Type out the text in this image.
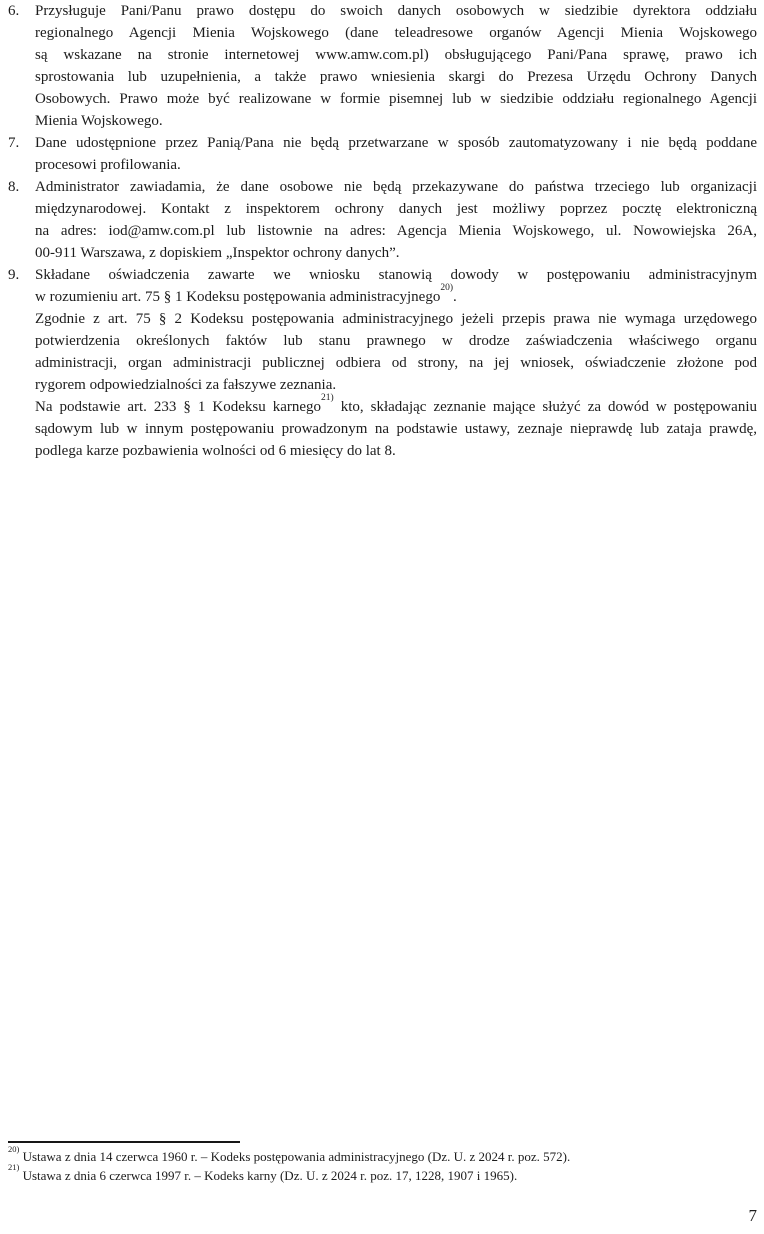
6.	Przysługuje Pani/Panu prawo dostępu do swoich danych osobowych w siedzibie dyrektora oddziału
regionalnego Agencji Mienia Wojskowego (dane teleadresowe organów Agencji Mienia Wojskowego
są wskazane na stronie internetowej www.amw.com.pl) obsługującego Pani/Pana sprawę, prawo ich
sprostowania lub uzupełnienia, a także prawo wniesienia skargi do Prezesa Urzędu Ochrony Danych
Osobowych. Prawo może być realizowane w formie pisemnej lub w siedzibie oddziału regionalnego Agencji
Mienia Wojskowego.
7.	Dane udostępnione przez Panią/Pana nie będą przetwarzane w sposób zautomatyzowany i nie będą poddane
procesowi profilowania.
8.	Administrator zawiadamia, że dane osobowe nie będą przekazywane do państwa trzeciego lub organizacji
międzynarodowej. Kontakt z inspektorem ochrony danych jest możliwy poprzez pocztę elektroniczną
na adres: iod@amw.com.pl lub listownie na adres: Agencja Mienia Wojskowego, ul. Nowowiejska 26A,
00-911 Warszawa, z dopiskiem „Inspektor ochrony danych”.
9.	Składane oświadczenia zawarte we wniosku stanowią dowody w postępowaniu administracyjnym
w rozumieniu art. 75 § 1 Kodeksu postępowania administracyjnego$^{20)}$.
Zgodnie z art. 75 § 2 Kodeksu postępowania administracyjnego jeżeli przepis prawa nie wymaga urzędowego
potwierdzenia określonych faktów lub stanu prawnego w drodze zaświadczenia właściwego organu
administracji, organ administracji publicznej odbiera od strony, na jej wniosek, oświadczenie złożone pod
rygorem odpowiedzialności za fałszywe zeznania.
Na podstawie art. 233 § 1 Kodeksu karnego$^{21)}$ kto, składając zeznanie mające służyć za dowód w postępowaniu
sądowym lub w innym postępowaniu prowadzonym na podstawie ustawy, zeznaje nieprawdę lub zataja prawdę,
podlega karze pozbawienia wolności od 6 miesięcy do lat 8.
$^{20)}$ Ustawa z dnia 14 czerwca 1960 r. – Kodeks postępowania administracyjnego (Dz. U. z 2024 r. poz. 572).
$^{21)}$ Ustawa z dnia 6 czerwca 1997 r. – Kodeks karny (Dz. U. z 2024 r. poz. 17, 1228, 1907 i 1965).
7
